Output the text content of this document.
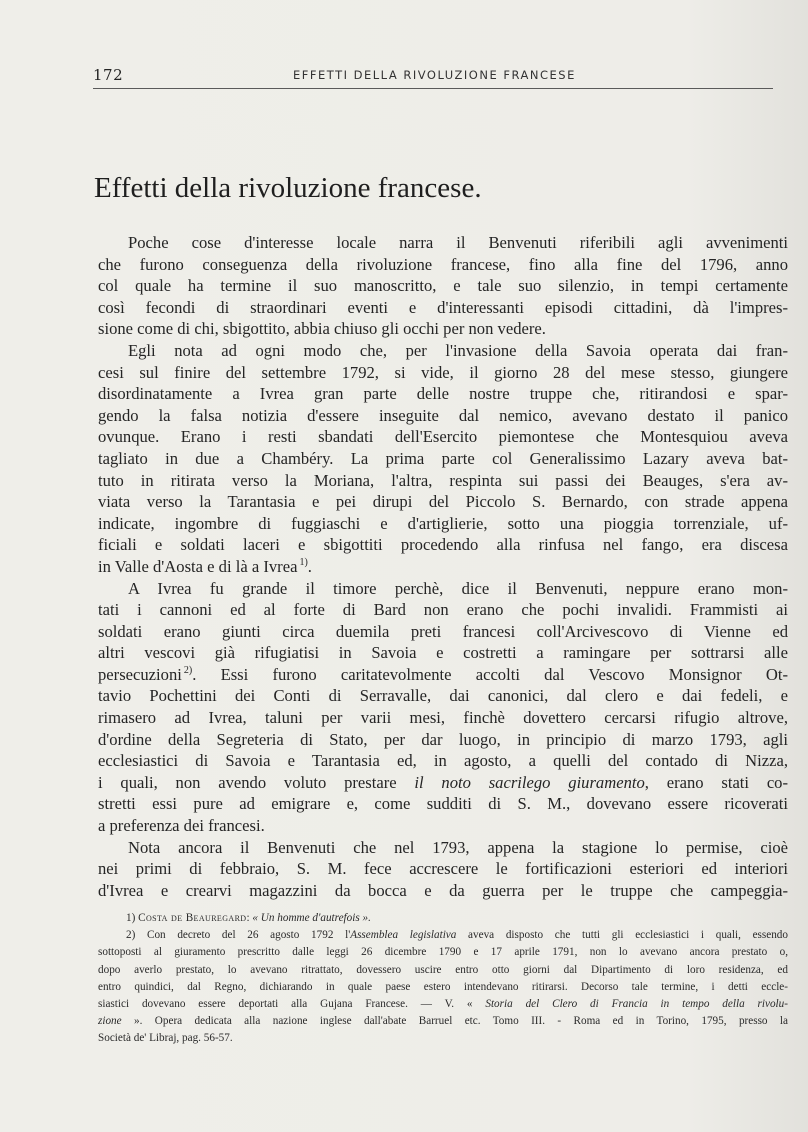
172	EFFETTI DELLA RIVOLUZIONE FRANCESE
Effetti della rivoluzione francese.

Poche cose d'interesse locale narra il Benvenuti riferibili agli avvenimenti
che furono conseguenza della rivoluzione francese, fino alla fine del 1796, anno
col quale ha termine il suo manoscritto, e tale suo silenzio, in tempi certamente
così fecondi di straordinari eventi e d'interessanti episodi cittadini, dà l'impres-
sione come di chi, sbigottito, abbia chiuso gli occhi per non vedere.

Egli nota ad ogni modo che, per l'invasione della Savoia operata dai fran-
cesi sul finire del settembre 1792, si vide, il giorno 28 del mese stesso, giungere
disordinatamente a Ivrea gran parte delle nostre truppe che, ritirandosi e spar-
gendo la falsa notizia d'essere inseguite dal nemico, avevano destato il panico
ovunque. Erano i resti sbandati dell'Esercito piemontese che Montesquiou aveva
tagliato in due a Chambéry. La prima parte col Generalissimo Lazary aveva bat-
tuto in ritirata verso la Moriana, l'altra, respinta sui passi dei Beauges, s'era av-
viata verso la Tarantasia e pei dirupi del Piccolo S. Bernardo, con strade appena
indicate, ingombre di fuggiaschi e d'artiglierie, sotto una pioggia torrenziale, uf-
ficiali e soldati laceri e sbigottiti procedendo alla rinfusa nel fango, era discesa
in Valle d'Aosta e di là a Ivrea $^{1)}$.

A Ivrea fu grande il timore perchè, dice il Benvenuti, neppure erano mon-
tati i cannoni ed al forte di Bard non erano che pochi invalidi. Frammisti ai
soldati erano giunti circa duemila preti francesi coll'Arcivescovo di Vienne ed
altri vescovi già rifugiatisi in Savoia e costretti a ramingare per sottrarsi alle
persecuzioni $^{2)}$. Essi furono caritatevolmente accolti dal Vescovo Monsignor Ot-
tavio Pochettini dei Conti di Serravalle, dai canonici, dal clero e dai fedeli, e
rimasero ad Ivrea, taluni per varii mesi, finchè dovettero cercarsi rifugio altrove,
d'ordine della Segreteria di Stato, per dar luogo, in principio di marzo 1793, agli
ecclesiastici di Savoia e Tarantasia ed, in agosto, a quelli del contado di Nizza,
i quali, non avendo voluto prestare il noto sacrilego giuramento, erano stati co-
stretti essi pure ad emigrare e, come sudditi di S. M., dovevano essere ricoverati
a preferenza dei francesi.

Nota ancora il Benvenuti che nel 1793, appena la stagione lo permise, cioè
nei primi di febbraio, S. M. fece accrescere le fortificazioni esteriori ed interiori
d'Ivrea e crearvi magazzini da bocca e da guerra per le truppe che campeggia-

1) Costa de Beauregard: « Un homme d'autrefois ».
2) Con decreto del 26 agosto 1792 l'Assemblea legislativa aveva disposto che tutti gli ecclesiastici i quali, essendo
sottoposti al giuramento prescritto dalle leggi 26 dicembre 1790 e 17 aprile 1791, non lo avevano ancora prestato o,
dopo averlo prestato, lo avevano ritrattato, dovessero uscire entro otto giorni dal Dipartimento di loro residenza, ed
entro quindici, dal Regno, dichiarando in quale paese estero intendevano ritirarsi. Decorso tale termine, i detti eccle-
siastici dovevano essere deportati alla Gujana Francese. — V. « Storia del Clero di Francia in tempo della rivolu-
zione ». Opera dedicata alla nazione inglese dall'abate Barruel etc. Tomo III. - Roma ed in Torino, 1795, presso la
Società de' Libraj, pag. 56-57.
